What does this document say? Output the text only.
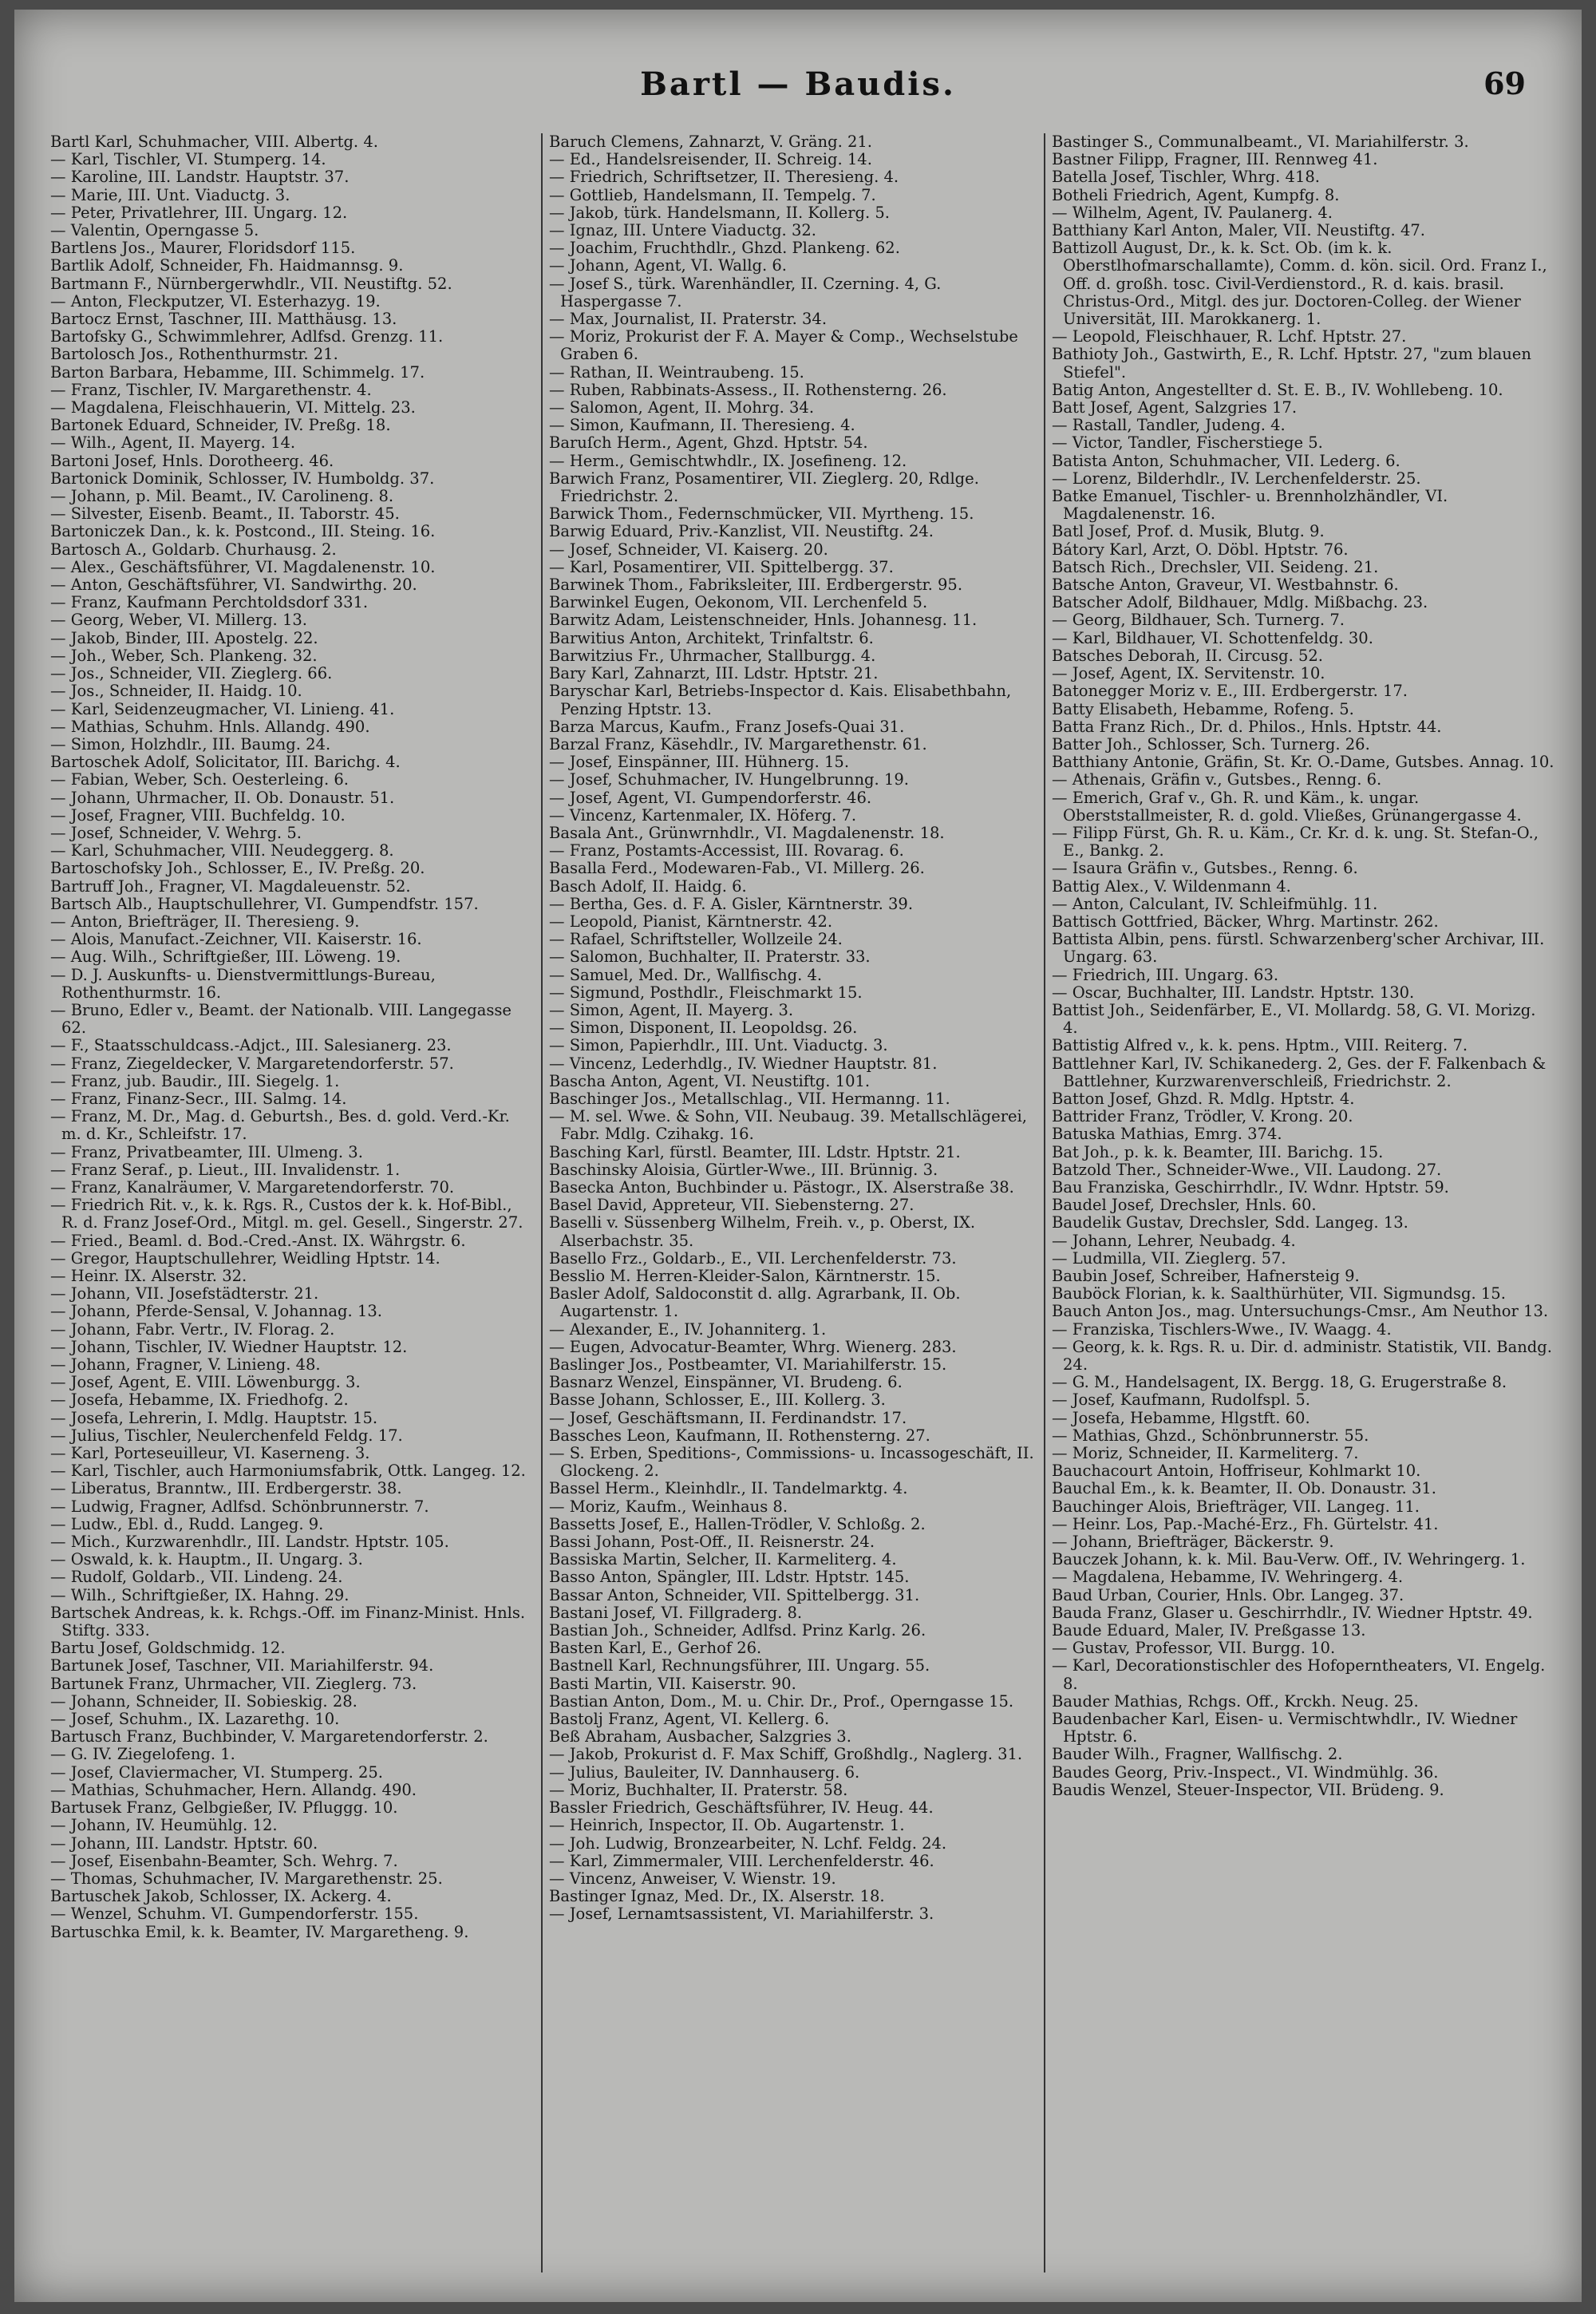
Bartl — Baudis.	69
Bartl Karl, Schuhmacher, VIII. Albertg. 4.
— Karl, Tischler, VI. Stumperg. 14.
— Karoline, III. Landstr. Hauptstr. 37.
— Marie, III. Unt. Viaductg. 3.
— Peter, Privatlehrer, III. Ungarg. 12.
— Valentin, Operngasse 5.
Bartlens Jos., Maurer, Floridsdorf 115.
Bartlik Adolf, Schneider, Fh. Haidmannsg. 9.
Bartmann F., Nürnbergerwhdlr., VII. Neustiftg. 52.
— Anton, Fleckputzer, VI. Esterhazyg. 19.
Bartocz Ernst, Taschner, III. Matthäusg. 13.
Bartofsky G., Schwimmlehrer, Adlfsd. Grenzg. 11.
Bartolosch Jos., Rothenthurmstr. 21.
Barton Barbara, Hebamme, III. Schimmelg. 17.
— Franz, Tischler, IV. Margarethenstr. 4.
— Magdalena, Fleischhauerin, VI. Mittelg. 23.
Bartonek Eduard, Schneider, IV. Preßg. 18.
— Wilh., Agent, II. Mayerg. 14.
Bartoni Josef, Hnls. Dorotheerg. 46.
Bartonick Dominik, Schlosser, IV. Humboldg. 37.
— Johann, p. Mil. Beamt., IV. Carolineng. 8.
— Silvester, Eisenb. Beamt., II. Taborstr. 45.
Bartoniczek Dan., k. k. Postcond., III. Steing. 16.
Bartosch A., Goldarb. Churhausg. 2.
— Alex., Geschäftsführer, VI. Magdalenenstr. 10.
— Anton, Geschäftsführer, VI. Sandwirthg. 20.
— Franz, Kaufmann Perchtoldsdorf 331.
— Georg, Weber, VI. Millerg. 13.
— Jakob, Binder, III. Apostelg. 22.
— Joh., Weber, Sch. Plankeng. 32.
— Jos., Schneider, VII. Zieglerg. 66.
— Jos., Schneider, II. Haidg. 10.
— Karl, Seidenzeugmacher, VI. Linieng. 41.
— Mathias, Schuhm. Hnls. Allandg. 490.
— Simon, Holzhdlr., III. Baumg. 24.
Bartoschek Adolf, Solicitator, III. Barichg. 4.
— Fabian, Weber, Sch. Oesterleing. 6.
— Johann, Uhrmacher, II. Ob. Donaustr. 51.
— Josef, Fragner, VIII. Buchfeldg. 10.
— Josef, Schneider, V. Wehrg. 5.
— Karl, Schuhmacher, VIII. Neudeggerg. 8.
Bartoschofsky Joh., Schlosser, E., IV. Preßg. 20.
Bartruff Joh., Fragner, VI. Magdaleuenstr. 52.
Bartsch Alb., Hauptschullehrer, VI. Gumpendfstr. 157.
— Anton, Briefträger, II. Theresieng. 9.
— Alois, Manufact.-Zeichner, VII. Kaiserstr. 16.
— Aug. Wilh., Schriftgießer, III. Löweng. 19.
— D. J. Auskunfts- u. Dienstvermittlungs-Bureau, Rothenthurmstr. 16.
— Bruno, Edler v., Beamt. der Nationalb. VIII. Langegasse 62.
— F., Staatsschuldcass.-Adjct., III. Salesianerg. 23.
— Franz, Ziegeldecker, V. Margaretendorferstr. 57.
— Franz, jub. Baudir., III. Siegelg. 1.
— Franz, Finanz-Secr., III. Salmg. 14.
— Franz, M. Dr., Mag. d. Geburtsh., Bes. d. gold. Verd.-Kr. m. d. Kr., Schleifstr. 17.
— Franz, Privatbeamter, III. Ulmeng. 3.
— Franz Seraf., p. Lieut., III. Invalidenstr. 1.
— Franz, Kanalräumer, V. Margaretendorferstr. 70.
— Friedrich Rit. v., k. k. Rgs. R., Custos der k. k. Hof-Bibl., R. d. Franz Josef-Ord., Mitgl. m. gel. Gesell., Singerstr. 27.
— Fried., Beaml. d. Bod.-Cred.-Anst. IX. Währgstr. 6.
— Gregor, Hauptschullehrer, Weidling Hptstr. 14.
— Heinr. IX. Alserstr. 32.
— Johann, VII. Josefstädterstr. 21.
— Johann, Pferde-Sensal, V. Johannag. 13.
— Johann, Fabr. Vertr., IV. Florag. 2.
— Johann, Tischler, IV. Wiedner Hauptstr. 12.
— Johann, Fragner, V. Linieng. 48.
— Josef, Agent, E. VIII. Löwenburgg. 3.
— Josefa, Hebamme, IX. Friedhofg. 2.
— Josefa, Lehrerin, I. Mdlg. Hauptstr. 15.
— Julius, Tischler, Neulerchenfeld Feldg. 17.
— Karl, Porteseuilleur, VI. Kaserneng. 3.
— Karl, Tischler, auch Harmoniumsfabrik, Ottk. Langeg. 12.
— Liberatus, Branntw., III. Erdbergerstr. 38.
— Ludwig, Fragner, Adlfsd. Schönbrunnerstr. 7.
— Ludw., Ebl. d., Rudd. Langeg. 9.
— Mich., Kurzwarenhdlr., III. Landstr. Hptstr. 105.
— Oswald, k. k. Hauptm., II. Ungarg. 3.
— Rudolf, Goldarb., VII. Lindeng. 24.
— Wilh., Schriftgießer, IX. Hahng. 29.
Bartschek Andreas, k. k. Rchgs.-Off. im Finanz-Minist. Hnls. Stiftg. 333.
Bartu Josef, Goldschmidg. 12.
Bartunek Josef, Taschner, VII. Mariahilferstr. 94.
Bartunek Franz, Uhrmacher, VII. Zieglerg. 73.
— Johann, Schneider, II. Sobieskig. 28.
— Josef, Schuhm., IX. Lazarethg. 10.
Bartusch Franz, Buchbinder, V. Margaretendorferstr. 2.
— G. IV. Ziegelofeng. 1.
— Josef, Claviermacher, VI. Stumperg. 25.
— Mathias, Schuhmacher, Hern. Allandg. 490.
Bartusek Franz, Gelbgießer, IV. Pfluggg. 10.
— Johann, IV. Heumühlg. 12.
— Johann, III. Landstr. Hptstr. 60.
— Josef, Eisenbahn-Beamter, Sch. Wehrg. 7.
— Thomas, Schuhmacher, IV. Margarethenstr. 25.
Bartuschek Jakob, Schlosser, IX. Ackerg. 4.
— Wenzel, Schuhm. VI. Gumpendorferstr. 155.
Bartuschka Emil, k. k. Beamter, IV. Margaretheng. 9.
Baruch Clemens, Zahnarzt, V. Gräng. 21.
— Ed., Handelsreisender, II. Schreig. 14.
— Friedrich, Schriftsetzer, II. Theresieng. 4.
— Gottlieb, Handelsmann, II. Tempelg. 7.
— Jakob, türk. Handelsmann, II. Kollerg. 5.
— Ignaz, III. Untere Viaductg. 32.
— Joachim, Fruchthdlr., Ghzd. Plankeng. 62.
— Johann, Agent, VI. Wallg. 6.
— Josef S., türk. Warenhändler, II. Czerning. 4, G. Haspergasse 7.
— Max, Journalist, II. Praterstr. 34.
— Moriz, Prokurist der F. A. Mayer & Comp., Wechselstube Graben 6.
— Rathan, II. Weintraubeng. 15.
— Ruben, Rabbinats-Assess., II. Rothensterng. 26.
— Salomon, Agent, II. Mohrg. 34.
— Simon, Kaufmann, II. Theresieng. 4.
Baruſch Herm., Agent, Ghzd. Hptstr. 54.
— Herm., Gemischtwhdlr., IX. Josefineng. 12.
Barwich Franz, Posamentirer, VII. Zieglerg. 20, Rdlge. Friedrichstr. 2.
Barwick Thom., Federnschmücker, VII. Myrtheng. 15.
Barwig Eduard, Priv.-Kanzlist, VII. Neustiftg. 24.
— Josef, Schneider, VI. Kaiserg. 20.
— Karl, Posamentirer, VII. Spittelbergg. 37.
Barwinek Thom., Fabriksleiter, III. Erdbergerstr. 95.
Barwinkel Eugen, Oekonom, VII. Lerchenfeld 5.
Barwitz Adam, Leistenschneider, Hnls. Johannesg. 11.
Barwitius Anton, Architekt, Trinfaltstr. 6.
Barwitzius Fr., Uhrmacher, Stallburgg. 4.
Bary Karl, Zahnarzt, III. Ldstr. Hptstr. 21.
Baryschar Karl, Betriebs-Inspector d. Kais. Elisabethbahn, Penzing Hptstr. 13.
Barza Marcus, Kaufm., Franz Josefs-Quai 31.
Barzal Franz, Käsehdlr., IV. Margarethenstr. 61.
— Josef, Einspänner, III. Hühnerg. 15.
— Josef, Schuhmacher, IV. Hungelbrunng. 19.
— Josef, Agent, VI. Gumpendorferstr. 46.
— Vincenz, Kartenmaler, IX. Höferg. 7.
Basala Ant., Grünwrnhdlr., VI. Magdalenenstr. 18.
— Franz, Postamts-Accessist, III. Rovarag. 6.
Basalla Ferd., Modewaren-Fab., VI. Millerg. 26.
Basch Adolf, II. Haidg. 6.
— Bertha, Ges. d. F. A. Gisler, Kärntnerstr. 39.
— Leopold, Pianist, Kärntnerstr. 42.
— Rafael, Schriftsteller, Wollzeile 24.
— Salomon, Buchhalter, II. Praterstr. 33.
— Samuel, Med. Dr., Wallfischg. 4.
— Sigmund, Posthdlr., Fleischmarkt 15.
— Simon, Agent, II. Mayerg. 3.
— Simon, Disponent, II. Leopoldsg. 26.
— Simon, Papierhdlr., III. Unt. Viaductg. 3.
— Vincenz, Lederhdlg., IV. Wiedner Hauptstr. 81.
Bascha Anton, Agent, VI. Neustiftg. 101.
Baschinger Jos., Metallschlag., VII. Hermanng. 11.
— M. sel. Wwe. & Sohn, VII. Neubaug. 39. Metallschlägerei, Fabr. Mdlg. Czihakg. 16.
Basching Karl, fürstl. Beamter, III. Ldstr. Hptstr. 21.
Baschinsky Aloisia, Gürtler-Wwe., III. Brünnig. 3.
Basecka Anton, Buchbinder u. Pästogr., IX. Alserstraße 38.
Basel David, Appreteur, VII. Siebensterng. 27.
Baselli v. Süssenberg Wilhelm, Freih. v., p. Oberst, IX. Alserbachstr. 35.
Basello Frz., Goldarb., E., VII. Lerchenfelderstr. 73.
Besslio M. Herren-Kleider-Salon, Kärntnerstr. 15.
Basler Adolf, Saldoconstit d. allg. Agrarbank, II. Ob. Augartenstr. 1.
— Alexander, E., IV. Johanniterg. 1.
— Eugen, Advocatur-Beamter, Whrg. Wienerg. 283.
Baslinger Jos., Postbeamter, VI. Mariahilferstr. 15.
Basnarz Wenzel, Einspänner, VI. Brudeng. 6.
Basse Johann, Schlosser, E., III. Kollerg. 3.
— Josef, Geschäftsmann, II. Ferdinandstr. 17.
Bassches Leon, Kaufmann, II. Rothensterng. 27.
— S. Erben, Speditions-, Commissions- u. Incassogeschäft, II. Glockeng. 2.
Bassel Herm., Kleinhdlr., II. Tandelmarktg. 4.
— Moriz, Kaufm., Weinhaus 8.
Bassetts Josef, E., Hallen-Trödler, V. Schloßg. 2.
Bassi Johann, Post-Off., II. Reisnerstr. 24.
Bassiska Martin, Selcher, II. Karmeliterg. 4.
Basso Anton, Spängler, III. Ldstr. Hptstr. 145.
Bassar Anton, Schneider, VII. Spittelbergg. 31.
Bastani Josef, VI. Fillgraderg. 8.
Bastian Joh., Schneider, Adlfsd. Prinz Karlg. 26.
Basten Karl, E., Gerhof 26.
Bastnell Karl, Rechnungsführer, III. Ungarg. 55.
Basti Martin, VII. Kaiserstr. 90.
Bastian Anton, Dom., M. u. Chir. Dr., Prof., Operngasse 15.
Bastolj Franz, Agent, VI. Kellerg. 6.
Beß Abraham, Ausbacher, Salzgries 3.
— Jakob, Prokurist d. F. Max Schiff, Großhdlg., Naglerg. 31.
— Julius, Bauleiter, IV. Dannhauserg. 6.
— Moriz, Buchhalter, II. Praterstr. 58.
Bassler Friedrich, Geschäftsführer, IV. Heug. 44.
— Heinrich, Inspector, II. Ob. Augartenstr. 1.
— Joh. Ludwig, Bronzearbeiter, N. Lchf. Feldg. 24.
— Karl, Zimmermaler, VIII. Lerchenfelderstr. 46.
— Vincenz, Anweiser, V. Wienstr. 19.
Bastinger Ignaz, Med. Dr., IX. Alserstr. 18.
— Josef, Lernamtsassistent, VI. Mariahilferstr. 3.
Bastinger S., Communalbeamt., VI. Mariahilferstr. 3.
Bastner Filipp, Fragner, III. Rennweg 41.
Batella Josef, Tischler, Whrg. 418.
Botheli Friedrich, Agent, Kumpfg. 8.
— Wilhelm, Agent, IV. Paulanerg. 4.
Batthiany Karl Anton, Maler, VII. Neustiftg. 47.
Battizoll August, Dr., k. k. Sct. Ob. (im k. k. Oberstlhofmarschallamte), Comm. d. kön. sicil. Ord. Franz I., Off. d. großh. tosc. Civil-Verdienstord., R. d. kais. brasil. Christus-Ord., Mitgl. des jur. Doctoren-Colleg. der Wiener Universität, III. Marokkanerg. 1.
— Leopold, Fleischhauer, R. Lchf. Hptstr. 27.
Bathioty Joh., Gastwirth, E., R. Lchf. Hptstr. 27, "zum blauen Stiefel".
Batig Anton, Angestellter d. St. E. B., IV. Wohllebeng. 10.
Batt Josef, Agent, Salzgries 17.
— Rastall, Tandler, Judeng. 4.
— Victor, Tandler, Fischerstiege 5.
Batista Anton, Schuhmacher, VII. Lederg. 6.
— Lorenz, Bilderhdlr., IV. Lerchenfelderstr. 25.
Batke Emanuel, Tischler- u. Brennholzhändler, VI. Magdalenenstr. 16.
Batl Josef, Prof. d. Musik, Blutg. 9.
Bátory Karl, Arzt, O. Döbl. Hptstr. 76.
Batsch Rich., Drechsler, VII. Seideng. 21.
Batsche Anton, Graveur, VI. Westbahnstr. 6.
Batscher Adolf, Bildhauer, Mdlg. Mißbachg. 23.
— Georg, Bildhauer, Sch. Turnerg. 7.
— Karl, Bildhauer, VI. Schottenfeldg. 30.
Batsches Deborah, II. Circusg. 52.
— Josef, Agent, IX. Servitenstr. 10.
Batonegger Moriz v. E., III. Erdbergerstr. 17.
Batty Elisabeth, Hebamme, Rofeng. 5.
Batta Franz Rich., Dr. d. Philos., Hnls. Hptstr. 44.
Batter Joh., Schlosser, Sch. Turnerg. 26.
Batthiany Antonie, Gräfin, St. Kr. O.-Dame, Gutsbes. Annag. 10.
— Athenais, Gräfin v., Gutsbes., Renng. 6.
— Emerich, Graf v., Gh. R. und Käm., k. ungar. Oberststallmeister, R. d. gold. Vließes, Grünangergasse 4.
— Filipp Fürst, Gh. R. u. Käm., Cr. Kr. d. k. ung. St. Stefan-O., E., Bankg. 2.
— Isaura Gräfin v., Gutsbes., Renng. 6.
Battig Alex., V. Wildenmann 4.
— Anton, Calculant, IV. Schleifmühlg. 11.
Battisch Gottfried, Bäcker, Whrg. Martinstr. 262.
Battista Albin, pens. fürstl. Schwarzenberg'scher Archivar, III. Ungarg. 63.
— Friedrich, III. Ungarg. 63.
— Oscar, Buchhalter, III. Landstr. Hptstr. 130.
Battist Joh., Seidenfärber, E., VI. Mollardg. 58, G. VI. Morizg. 4.
Battistig Alfred v., k. k. pens. Hptm., VIII. Reiterg. 7.
Battlehner Karl, IV. Schikanederg. 2, Ges. der F. Falkenbach & Battlehner, Kurzwarenverschleiß, Friedrichstr. 2.
Batton Josef, Ghzd. R. Mdlg. Hptstr. 4.
Battrider Franz, Trödler, V. Krong. 20.
Batuska Mathias, Emrg. 374.
Bat Joh., p. k. k. Beamter, III. Barichg. 15.
Batzold Ther., Schneider-Wwe., VII. Laudong. 27.
Bau Franziska, Geschirrhdlr., IV. Wdnr. Hptstr. 59.
Baudel Josef, Drechsler, Hnls. 60.
Baudelik Gustav, Drechsler, Sdd. Langeg. 13.
— Johann, Lehrer, Neubadg. 4.
— Ludmilla, VII. Zieglerg. 57.
Baubin Josef, Schreiber, Hafnersteig 9.
Bauböck Florian, k. k. Saalthürhüter, VII. Sigmundsg. 15.
Bauch Anton Jos., mag. Untersuchungs-Cmsr., Am Neuthor 13.
— Franziska, Tischlers-Wwe., IV. Waagg. 4.
— Georg, k. k. Rgs. R. u. Dir. d. administr. Statistik, VII. Bandg. 24.
— G. M., Handelsagent, IX. Bergg. 18, G. Erugerstraße 8.
— Josef, Kaufmann, Rudolfspl. 5.
— Josefa, Hebamme, Hlgstft. 60.
— Mathias, Ghzd., Schönbrunnerstr. 55.
— Moriz, Schneider, II. Karmeliterg. 7.
Bauchacourt Antoin, Hoffriseur, Kohlmarkt 10.
Bauchal Em., k. k. Beamter, II. Ob. Donaustr. 31.
Bauchinger Alois, Briefträger, VII. Langeg. 11.
— Heinr. Los, Pap.-Maché-Erz., Fh. Gürtelstr. 41.
— Johann, Briefträger, Bäckerstr. 9.
Bauczek Johann, k. k. Mil. Bau-Verw. Off., IV. Wehringerg. 1.
— Magdalena, Hebamme, IV. Wehringerg. 4.
Baud Urban, Courier, Hnls. Obr. Langeg. 37.
Bauda Franz, Glaser u. Geschirrhdlr., IV. Wiedner Hptstr. 49.
Baude Eduard, Maler, IV. Preßgasse 13.
— Gustav, Professor, VII. Burgg. 10.
— Karl, Decorationstischler des Hofoperntheaters, VI. Engelg. 8.
Bauder Mathias, Rchgs. Off., Krckh. Neug. 25.
Baudenbacher Karl, Eisen- u. Vermischtwhdlr., IV. Wiedner Hptstr. 6.
Bauder Wilh., Fragner, Wallfischg. 2.
Baudes Georg, Priv.-Inspect., VI. Windmühlg. 36.
Baudis Wenzel, Steuer-Inspector, VII. Brüdeng. 9.
